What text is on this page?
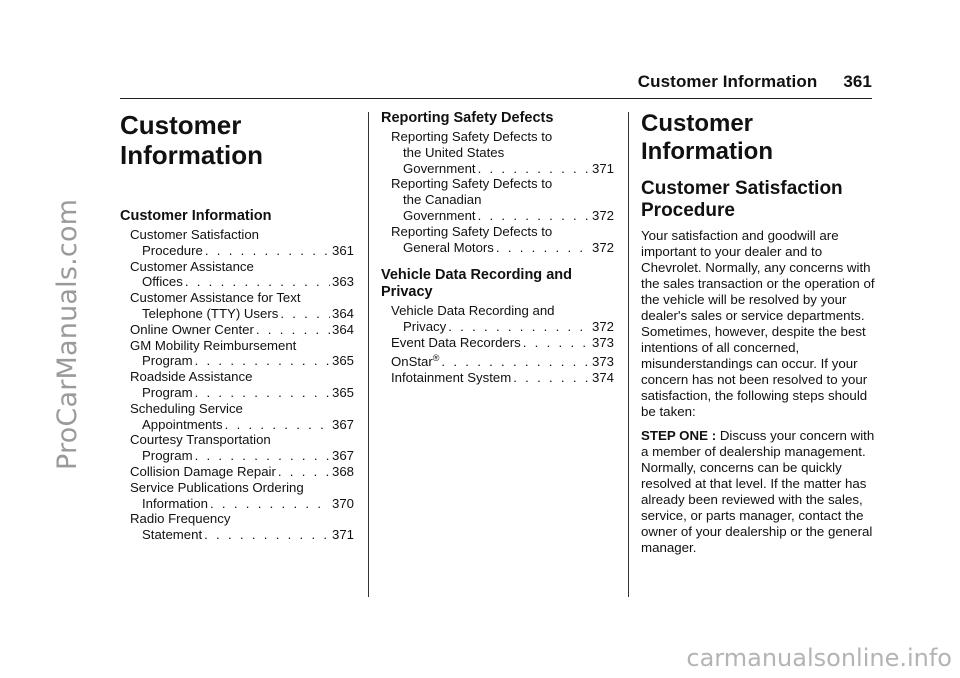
Customer Information 361
ProCarManuals.com
carmanualsonline.info
Customer
Information
Customer Information
Customer Satisfaction
Procedure . . .	361
Customer Assistance
Offices . . .	363
Customer Assistance for Text
Telephone (TTY) Users . . .	364
Online Owner Center . . .	364
GM Mobility Reimbursement
Program . . .	365
Roadside Assistance
Program . . .	365
Scheduling Service
Appointments . . .	367
Courtesy Transportation
Program . . .	367
Collision Damage Repair . . .	368
Service Publications Ordering
Information . . .	370
Radio Frequency
Statement . . .	371
Reporting Safety Defects
Reporting Safety Defects to
the United States
Government . . .	371
Reporting Safety Defects to
the Canadian
Government . . .	372
Reporting Safety Defects to
General Motors . . .	372
Vehicle Data Recording and
Privacy
Vehicle Data Recording and
Privacy . . .	372
Event Data Recorders . . .	373
OnStar® . . .	373
Infotainment System . . .	374
Customer Information
Customer Satisfaction
Procedure

Your satisfaction and goodwill are important to your dealer and to Chevrolet. Normally, any concerns with the sales transaction or the operation of the vehicle will be resolved by your dealer's sales or service departments. Sometimes, however, despite the best intentions of all concerned, misunderstandings can occur. If your concern has not been resolved to your satisfaction, the following steps should be taken:

STEP ONE : Discuss your concern with a member of dealership management. Normally, concerns can be quickly resolved at that level. If the matter has already been reviewed with the sales, service, or parts manager, contact the owner of your dealership or the general manager.
